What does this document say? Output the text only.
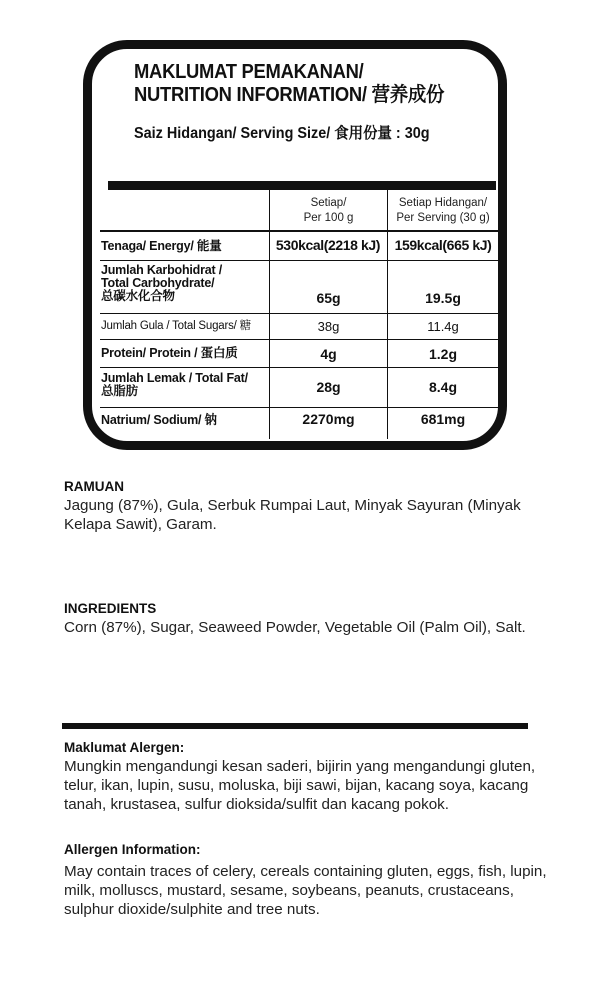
MAKLUMAT PEMAKANAN/
NUTRITION INFORMATION/ 营养成份
Saiz Hidangan/ Serving Size/ 食用份量 : 30g
Setiap/
Per 100 g
Setiap Hidangan/
Per Serving (30 g)
Tenaga/ Energy/ 能量	530kcal(2218 kJ)	159kcal(665 kJ)
Jumlah Karbohidrat /
Total Carbohydrate/
总碳水化合物	65g	19.5g
Jumlah Gula / Total Sugars/ 糖	38g	11.4g
Protein/ Protein / 蛋白质	4g	1.2g
Jumlah Lemak / Total Fat/
总脂肪	28g	8.4g
Natrium/ Sodium/ 钠	2270mg	681mg
RAMUAN
Jagung (87%), Gula, Serbuk Rumpai Laut, Minyak Sayuran (Minyak Kelapa Sawit), Garam.
INGREDIENTS
Corn (87%), Sugar, Seaweed Powder, Vegetable Oil (Palm Oil), Salt.
Maklumat Alergen:
Mungkin mengandungi kesan saderi, bijirin yang mengandungi gluten, telur, ikan, lupin, susu, moluska, biji sawi, bijan, kacang soya, kacang tanah, krustasea, sulfur dioksida/sulfit dan kacang pokok.
Allergen Information:
May contain traces of celery, cereals containing gluten, eggs, fish, lupin, milk, molluscs, mustard, sesame, soybeans, peanuts, crustaceans, sulphur dioxide/sulphite and tree nuts.
